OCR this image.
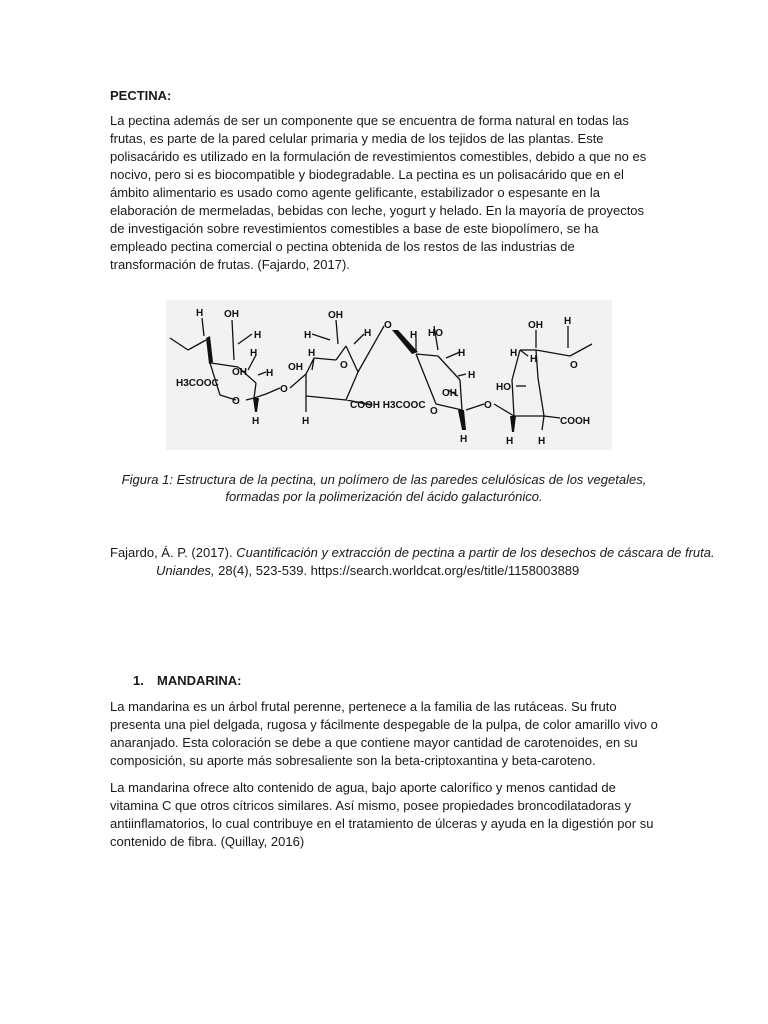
PECTINA:

La pectina además de ser un componente que se encuentra de forma natural en todas las frutas, es parte de la pared celular primaria y media de los tejidos de las plantas. Este polisacárido es utilizado en la formulación de revestimientos comestibles, debido a que no es nocivo, pero si es biocompatible y biodegradable. La pectina es un polisacárido que en el ámbito alimentario es usado como agente gelificante, estabilizador o espesante en la elaboración de mermeladas, bebidas con leche, yogurt y helado. En la mayoría de proyectos de investigación sobre revestimientos comestibles a base de este biopolímero, se ha empleado pectina comercial o pectina obtenida de los restos de las industrias de transformación de frutas. (Fajardo, 2017).

H OH
H
H
OH H
H3COOC
O
H
O
OH
H	H
H
OH	O
H
COOH H3COOC
O
HO
H
H
H
OH
O
H
O
OH H
H
H
HO
O
COOH
H H

Figura 1: Estructura de la pectina, un polímero de las paredes celulósicas de los vegetales, formadas por la polimerización del ácido galacturónico.

Fajardo, Á. P. (2017). Cuantificación y extracción de pectina a partir de los desechos de cáscara de fruta. Uniandes, 28(4), 523-539. https://search.worldcat.org/es/title/1158003889

1. MANDARINA:

La mandarina es un árbol frutal perenne, pertenece a la familia de las rutáceas. Su fruto presenta una piel delgada, rugosa y fácilmente despegable de la pulpa, de color amarillo vivo o anaranjado. Esta coloración se debe a que contiene mayor cantidad de carotenoides, en su composición, su aporte más sobresaliente son la beta-criptoxantina y beta-caroteno.

La mandarina ofrece alto contenido de agua, bajo aporte calorífico y menos cantidad de vitamina C que otros cítricos similares. Así mismo, posee propiedades broncodilatadoras y antiinflamatorios, lo cual contribuye en el tratamiento de úlceras y ayuda en la digestión por su contenido de fibra. (Quillay, 2016)
